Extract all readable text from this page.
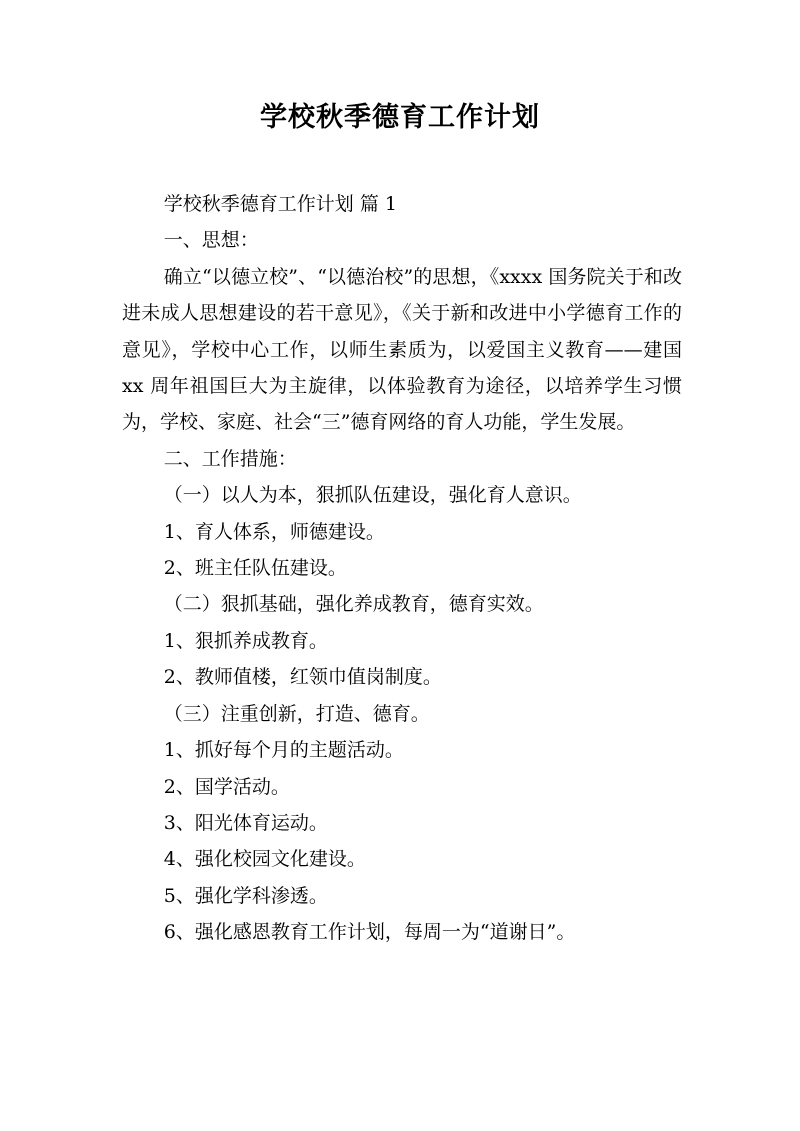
学校秋季德育工作计划

学校秋季德育工作计划 篇 1

一、思想：

确立“以德立校”、“以德治校”的思想，《xxxx 国务院关于和改进未成人思想建设的若干意见》，《关于新和改进中小学德育工作的意见》，学校中心工作，以师生素质为，以爱国主义教育——建国 xx 周年祖国巨大为主旋律，以体验教育为途径，以培养学生习惯为，学校、家庭、社会“三”德育网络的育人功能，学生发展。

二、工作措施：

（一）以人为本，狠抓队伍建设，强化育人意识。

1、育人体系，师德建设。

2、班主任队伍建设。

（二）狠抓基础，强化养成教育，德育实效。

1、狠抓养成教育。

2、教师值楼，红领巾值岗制度。

（三）注重创新，打造、德育。

1、抓好每个月的主题活动。

2、国学活动。

3、阳光体育运动。

4、强化校园文化建设。

5、强化学科渗透。

6、强化感恩教育工作计划，每周一为“道谢日”。
